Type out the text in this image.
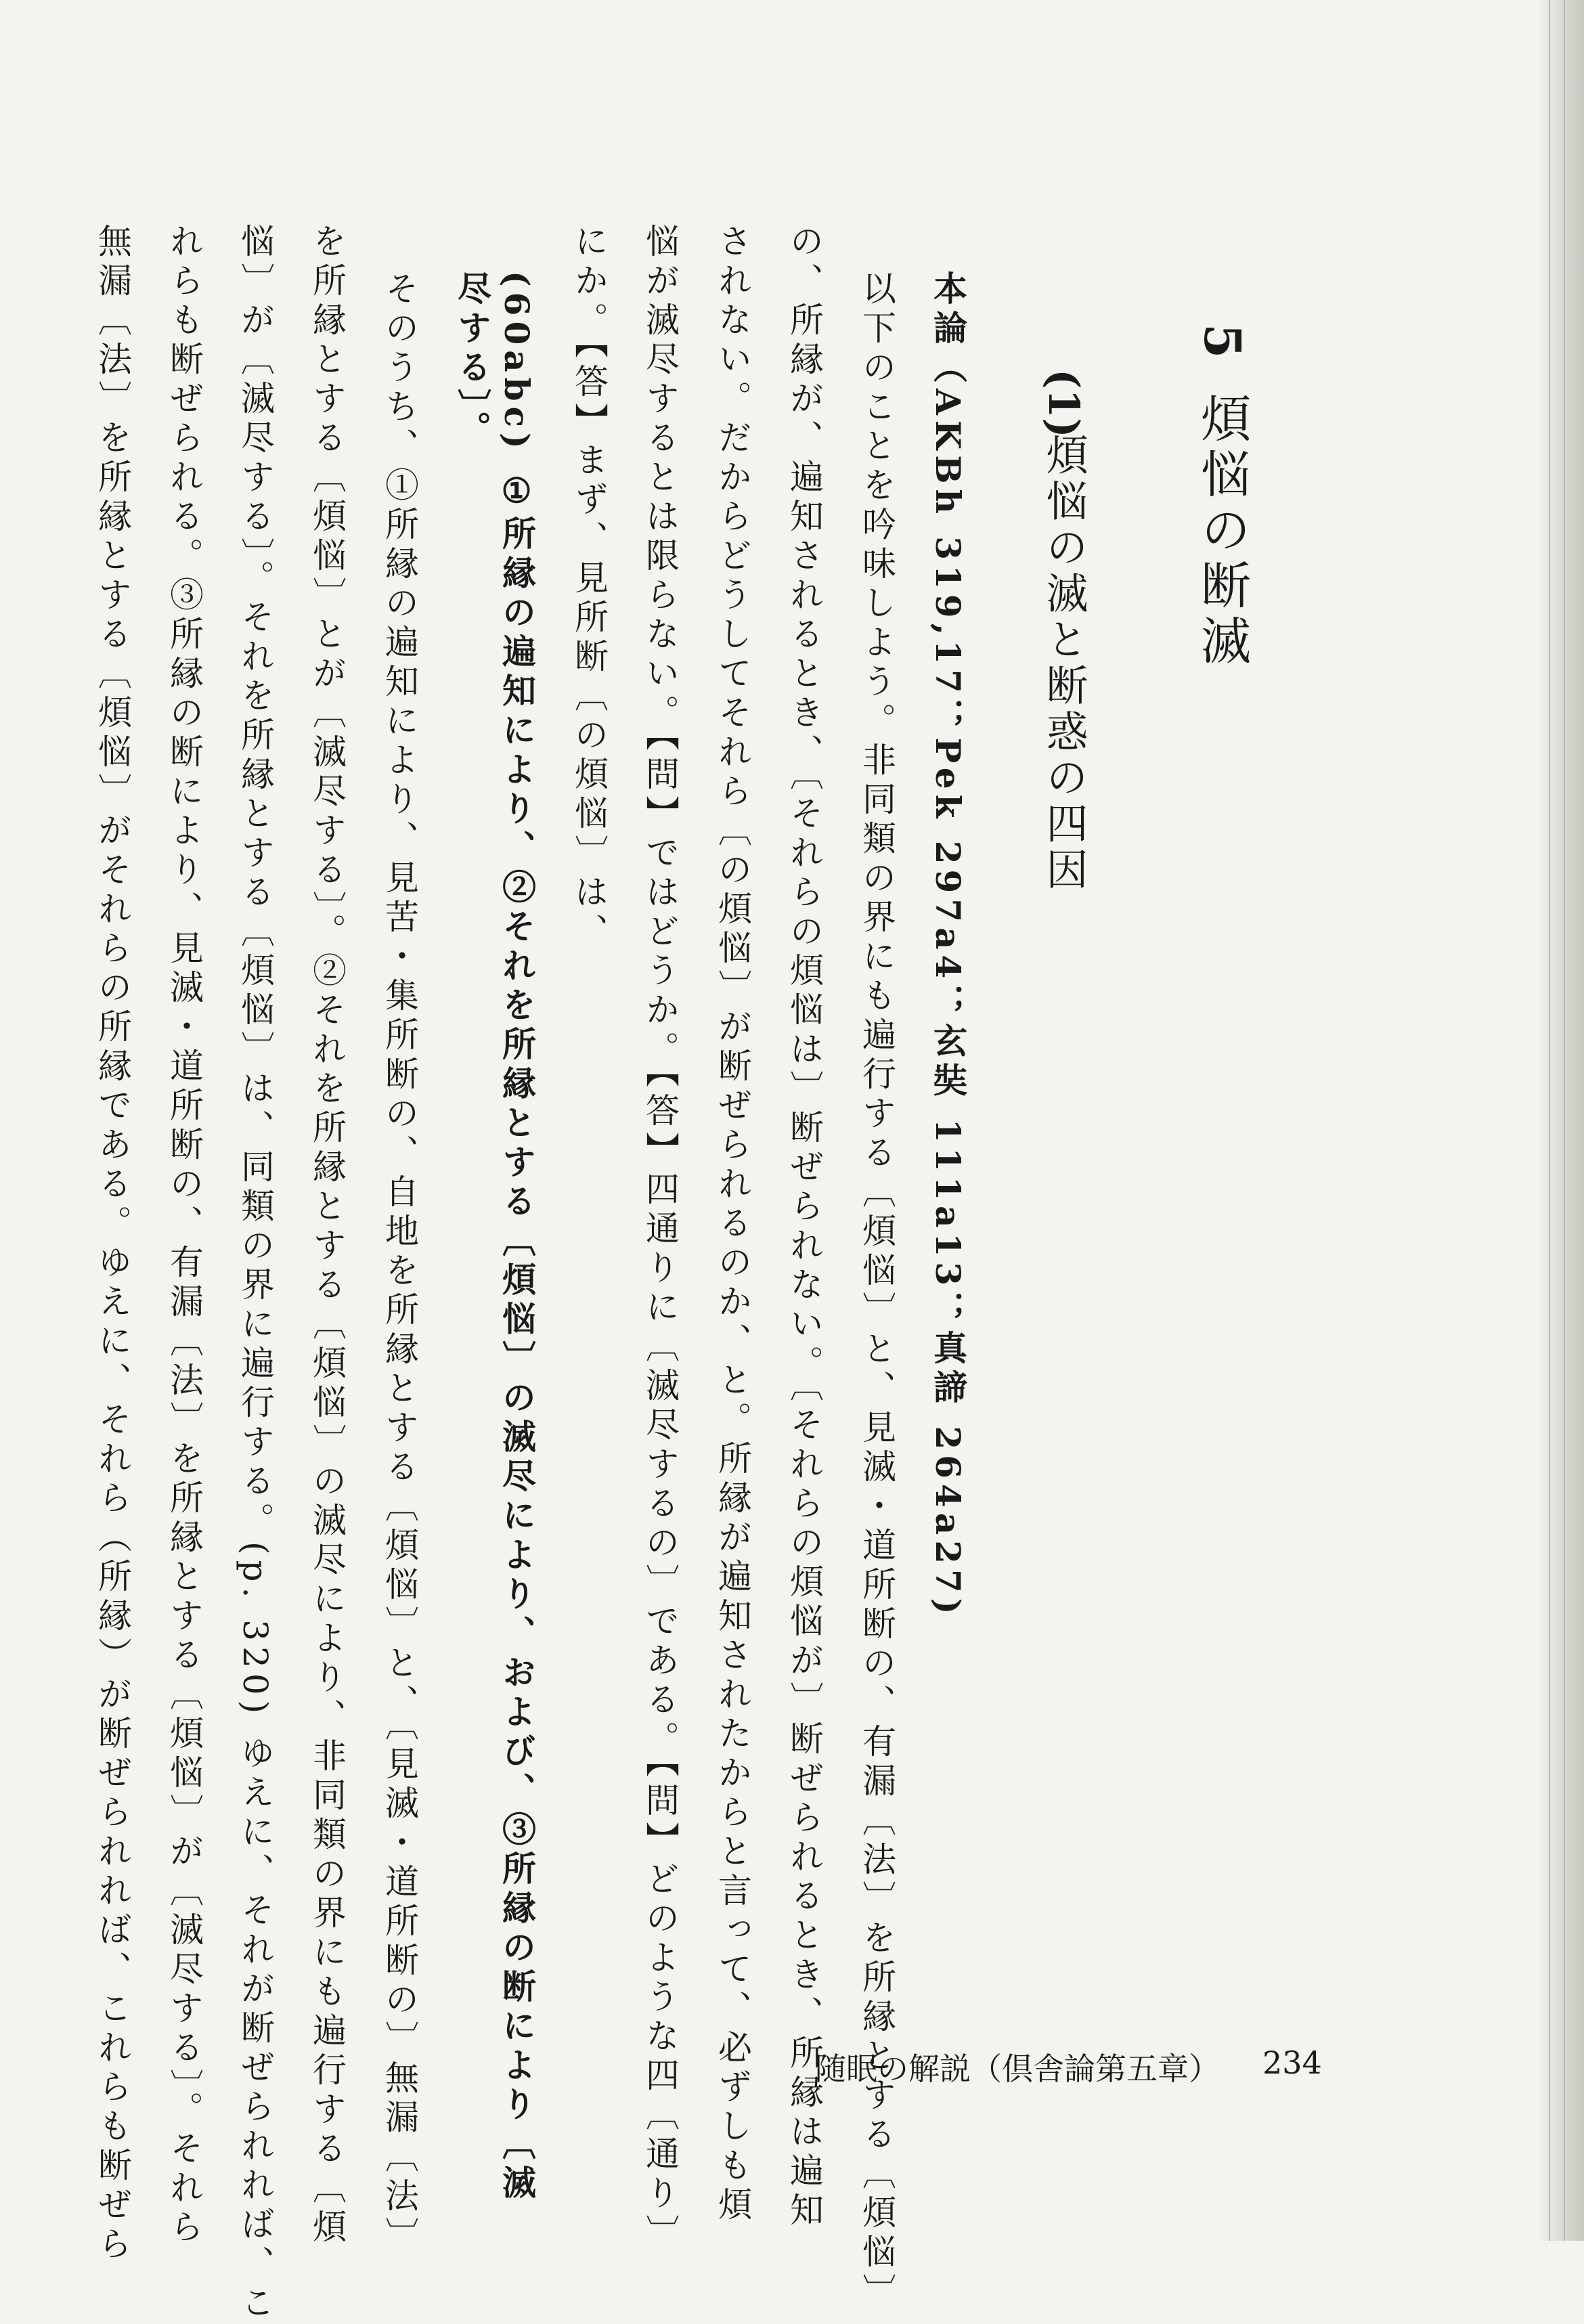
5
煩悩の断滅
(1)
煩悩の滅と断惑の四因
本論（AKBh 319,17；Pek 297a4；玄奘 111a13；真諦 264a27)
以下のことを吟味しよう。非同類の界にも遍行する〔煩悩〕と、見滅・道所断の、有漏〔法〕を所縁とする〔煩悩〕
の、所縁が、遍知されるとき、〔それらの煩悩は〕断ぜられない。〔それらの煩悩が〕断ぜられるとき、所縁は遍知
されない。だからどうしてそれら〔の煩悩〕が断ぜられるのか、と。所縁が遍知されたからと言って、必ずしも煩
悩が滅尽するとは限らない。【問】ではどうか。【答】四通りに〔滅尽するの〕である。【問】どのような四〔通り〕
にか。【答】まず、見所断〔の煩悩〕は、
(60abc) ①所縁の遍知により、②それを所縁とする〔煩悩〕の滅尽により、および、③所縁の断により〔滅
尽する〕。
そのうち、①所縁の遍知により、見苦・集所断の、自地を所縁とする〔煩悩〕と、〔見滅・道所断の〕無漏〔法〕
を所縁とする〔煩悩〕とが〔滅尽する〕。②それを所縁とする〔煩悩〕の滅尽により、非同類の界にも遍行する〔煩
悩〕が〔滅尽する〕。それを所縁とする〔煩悩〕は、同類の界に遍行する。(p. 320) ゆえに、それが断ぜられれば、こ
れらも断ぜられる。③所縁の断により、見滅・道所断の、有漏〔法〕を所縁とする〔煩悩〕が〔滅尽する〕。それら
無漏〔法〕を所縁とする〔煩悩〕がそれらの所縁である。ゆえに、それら（所縁）が断ぜられれば、これらも断ぜら	随眠の解説（倶舎論第五章） 234
